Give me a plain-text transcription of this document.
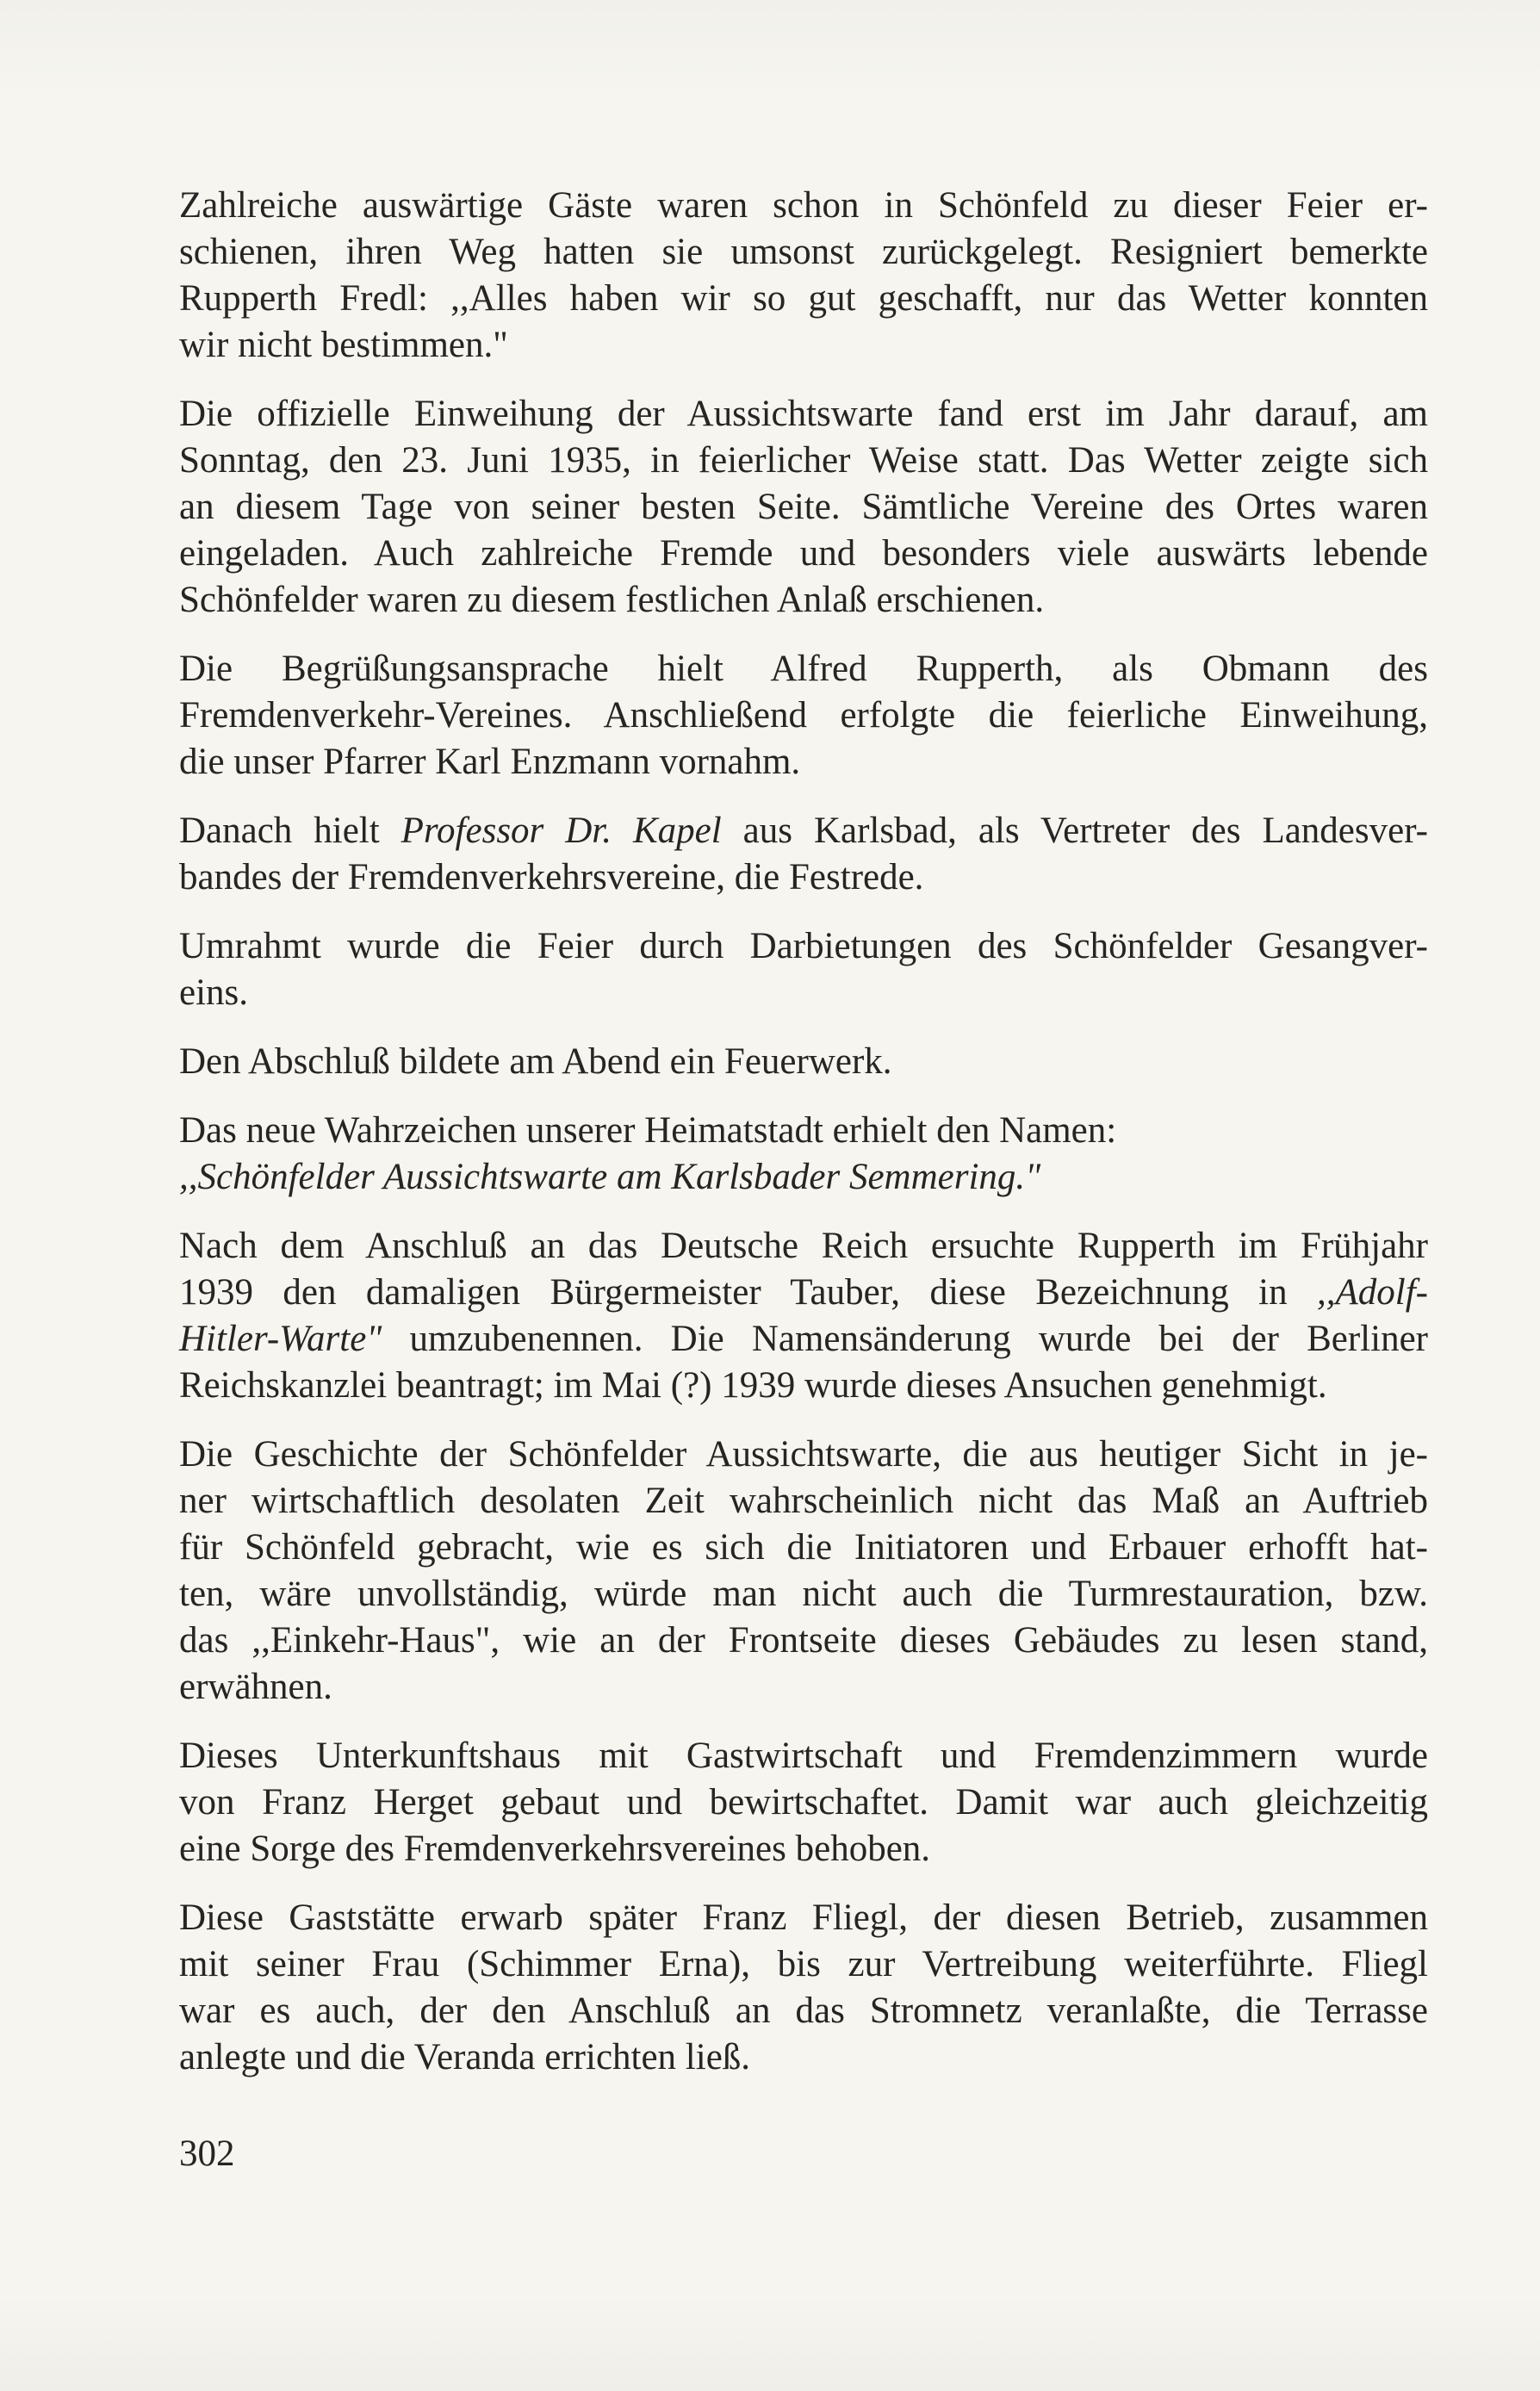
Zahlreiche auswärtige Gäste waren schon in Schönfeld zu dieser Feier er-
schienen, ihren Weg hatten sie umsonst zurückgelegt. Resigniert bemerkte
Rupperth Fredl: ,,Alles haben wir so gut geschafft, nur das Wetter konnten
wir nicht bestimmen."

Die offizielle Einweihung der Aussichtswarte fand erst im Jahr darauf, am
Sonntag, den 23. Juni 1935, in feierlicher Weise statt. Das Wetter zeigte sich
an diesem Tage von seiner besten Seite. Sämtliche Vereine des Ortes waren
eingeladen. Auch zahlreiche Fremde und besonders viele auswärts lebende
Schönfelder waren zu diesem festlichen Anlaß erschienen.

Die Begrüßungsansprache hielt Alfred Rupperth, als Obmann des
Fremdenverkehr-Vereines. Anschließend erfolgte die feierliche Einweihung,
die unser Pfarrer Karl Enzmann vornahm.

Danach hielt Professor Dr. Kapel aus Karlsbad, als Vertreter des Landesver-
bandes der Fremdenverkehrsvereine, die Festrede.

Umrahmt wurde die Feier durch Darbietungen des Schönfelder Gesangver-
eins.

Den Abschluß bildete am Abend ein Feuerwerk.

Das neue Wahrzeichen unserer Heimatstadt erhielt den Namen:
,,Schönfelder Aussichtswarte am Karlsbader Semmering."

Nach dem Anschluß an das Deutsche Reich ersuchte Rupperth im Frühjahr
1939 den damaligen Bürgermeister Tauber, diese Bezeichnung in ,,Adolf-
Hitler-Warte" umzubenennen. Die Namensänderung wurde bei der Berliner
Reichskanzlei beantragt; im Mai (?) 1939 wurde dieses Ansuchen genehmigt.

Die Geschichte der Schönfelder Aussichtswarte, die aus heutiger Sicht in je-
ner wirtschaftlich desolaten Zeit wahrscheinlich nicht das Maß an Auftrieb
für Schönfeld gebracht, wie es sich die Initiatoren und Erbauer erhofft hat-
ten, wäre unvollständig, würde man nicht auch die Turmrestauration, bzw.
das ,,Einkehr-Haus", wie an der Frontseite dieses Gebäudes zu lesen stand,
erwähnen.

Dieses Unterkunftshaus mit Gastwirtschaft und Fremdenzimmern wurde
von Franz Herget gebaut und bewirtschaftet. Damit war auch gleichzeitig
eine Sorge des Fremdenverkehrsvereines behoben.

Diese Gaststätte erwarb später Franz Fliegl, der diesen Betrieb, zusammen
mit seiner Frau (Schimmer Erna), bis zur Vertreibung weiterführte. Fliegl
war es auch, der den Anschluß an das Stromnetz veranlaßte, die Terrasse
anlegte und die Veranda errichten ließ.

302
